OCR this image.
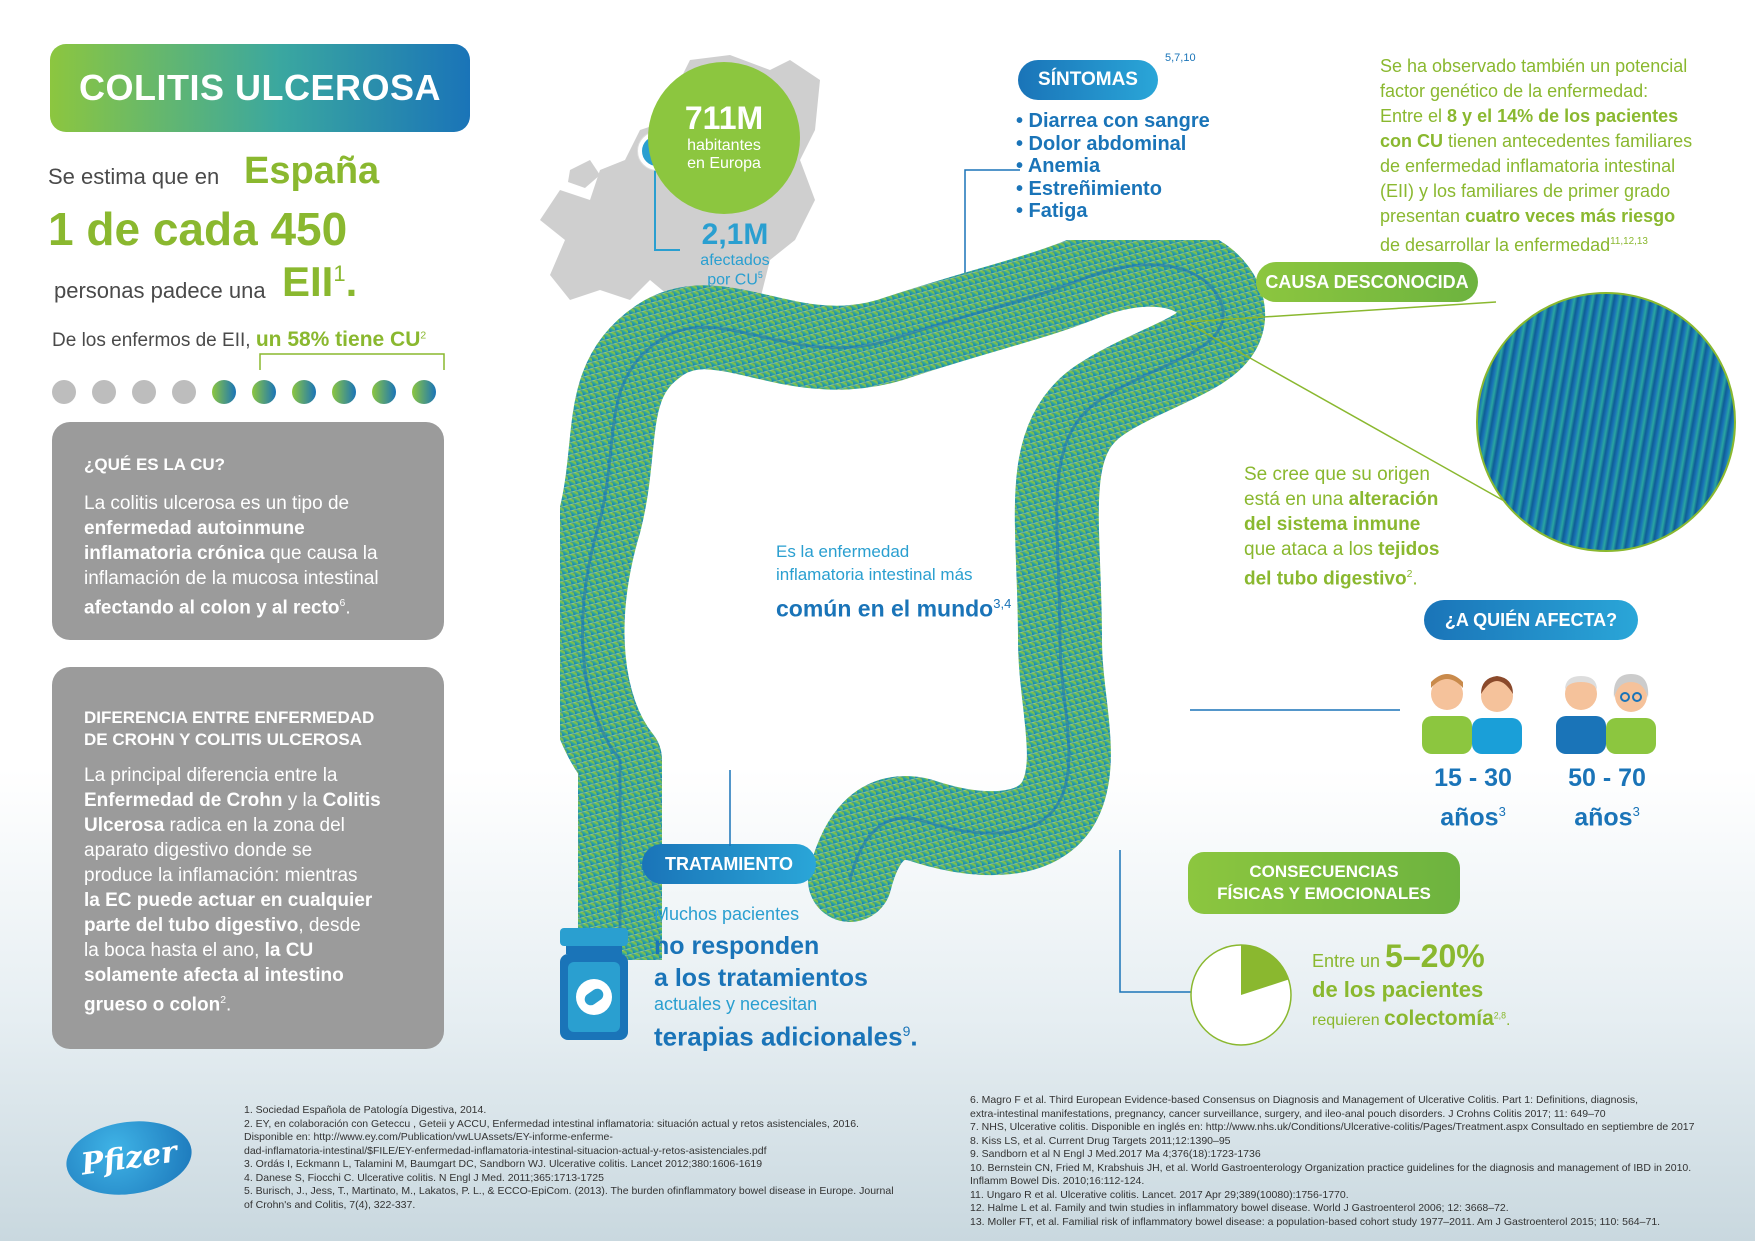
COLITIS ULCEROSA
Se estima que en España
1 de cada 450
personas padece una EII$^1$.
De los enfermos de EII, un 58% tiene $CU^2$
¿QUÉ ES LA CU?
La colitis ulcerosa es un tipo de
enfermedad autoinmune
inflamatoria crónica que causa la
inflamación de la mucosa intestinal
afectando al colon y al recto$^6$.
DIFERENCIA ENTRE ENFERMEDAD
DE CROHN Y COLITIS ULCEROSA
La principal diferencia entre la
Enfermedad de Crohn y la Colitis
Ulcerosa radica en la zona del
aparato digestivo donde se
produce la inflamación: mientras
la EC puede actuar en cualquier
parte del tubo digestivo, desde
la boca hasta el ano, la CU
solamente afecta al intestino
grueso o colon$^2$.
711M
habitantes
en Europa
2,1M
afectados
por $CU^5$
SÍNTOMAS
5,7,10
• Diarrea con sangre
• Dolor abdominal
• Anemia
• Estreñimiento
• Fatiga
Se ha observado también un potencial
factor genético de la enfermedad:
Entre el 8 y el 14% de los pacientes
con CU tienen antecedentes familiares
de enfermedad inflamatoria intestinal
(EII) y los familiares de primer grado
presentan cuatro veces más riesgo
de desarrollar la enfermedad$^{11,12,13}$
CAUSA DESCONOCIDA
Se cree que su origen
está en una alteración
del sistema inmune
que ataca a los tejidos
del tubo digestivo$^2$.
Es la enfermedad
inflamatoria intestinal más
común en el mundo$^{3,4}$
¿A QUIÉN AFECTA?
15 - 30
años$^3$
50 - 70
años$^3$
TRATAMIENTO
Muchos pacientes
no responden
a los tratamientos
actuales y necesitan
terapias adicionales$^9$.
CONSECUENCIAS
FÍSICAS Y EMOCIONALES
Entre un 5–20%
de los pacientes
requieren colectomía$^{2,8}$.
Pfizer
1. Sociedad Española de Patología Digestiva, 2014.
2. EY, en colaboración con Geteccu , Geteii y ACCU, Enfermedad intestinal inflamatoria: situación actual y retos asistenciales, 2016.
Disponible en: http://www.ey.com/Publication/vwLUAssets/EY-informe-enferme-
dad-inflamatoria-intestinal/$FILE/EY-enfermedad-inflamatoria-intestinal-situacion-actual-y-retos-asistenciales.pdf
3. Ordás I, Eckmann L, Talamini M, Baumgart DC, Sandborn WJ. Ulcerative colitis. Lancet 2012;380:1606-1619
4. Danese S, Fiocchi C. Ulcerative colitis. N Engl J Med. 2011;365:1713-1725
5. Burisch, J., Jess, T., Martinato, M., Lakatos, P. L., & ECCO-EpiCom. (2013). The burden ofinflammatory bowel disease in Europe. Journal
of Crohn's and Colitis, 7(4), 322-337.
6. Magro F et al. Third European Evidence-based Consensus on Diagnosis and Management of Ulcerative Colitis. Part 1: Definitions, diagnosis,
extra-intestinal manifestations, pregnancy, cancer surveillance, surgery, and ileo-anal pouch disorders. J Crohns Colitis 2017; 11: 649–70
7. NHS, Ulcerative colitis. Disponible en inglés en: http://www.nhs.uk/Conditions/Ulcerative-colitis/Pages/Treatment.aspx Consultado en septiembre de 2017
8. Kiss LS, et al. Current Drug Targets 2011;12:1390–95
9. Sandborn et al N Engl J Med.2017 Ma 4;376(18):1723-1736
10. Bernstein CN, Fried M, Krabshuis JH, et al. World Gastroenterology Organization practice guidelines for the diagnosis and management of IBD in 2010.
Inflamm Bowel Dis. 2010;16:112-124.
11. Ungaro R et al. Ulcerative colitis. Lancet. 2017 Apr 29;389(10080):1756-1770.
12. Halme L et al. Family and twin studies in inflammatory bowel disease. World J Gastroenterol 2006; 12: 3668–72.
13. Moller FT, et al. Familial risk of inflammatory bowel disease: a population-based cohort study 1977–2011. Am J Gastroenterol 2015; 110: 564–71.
